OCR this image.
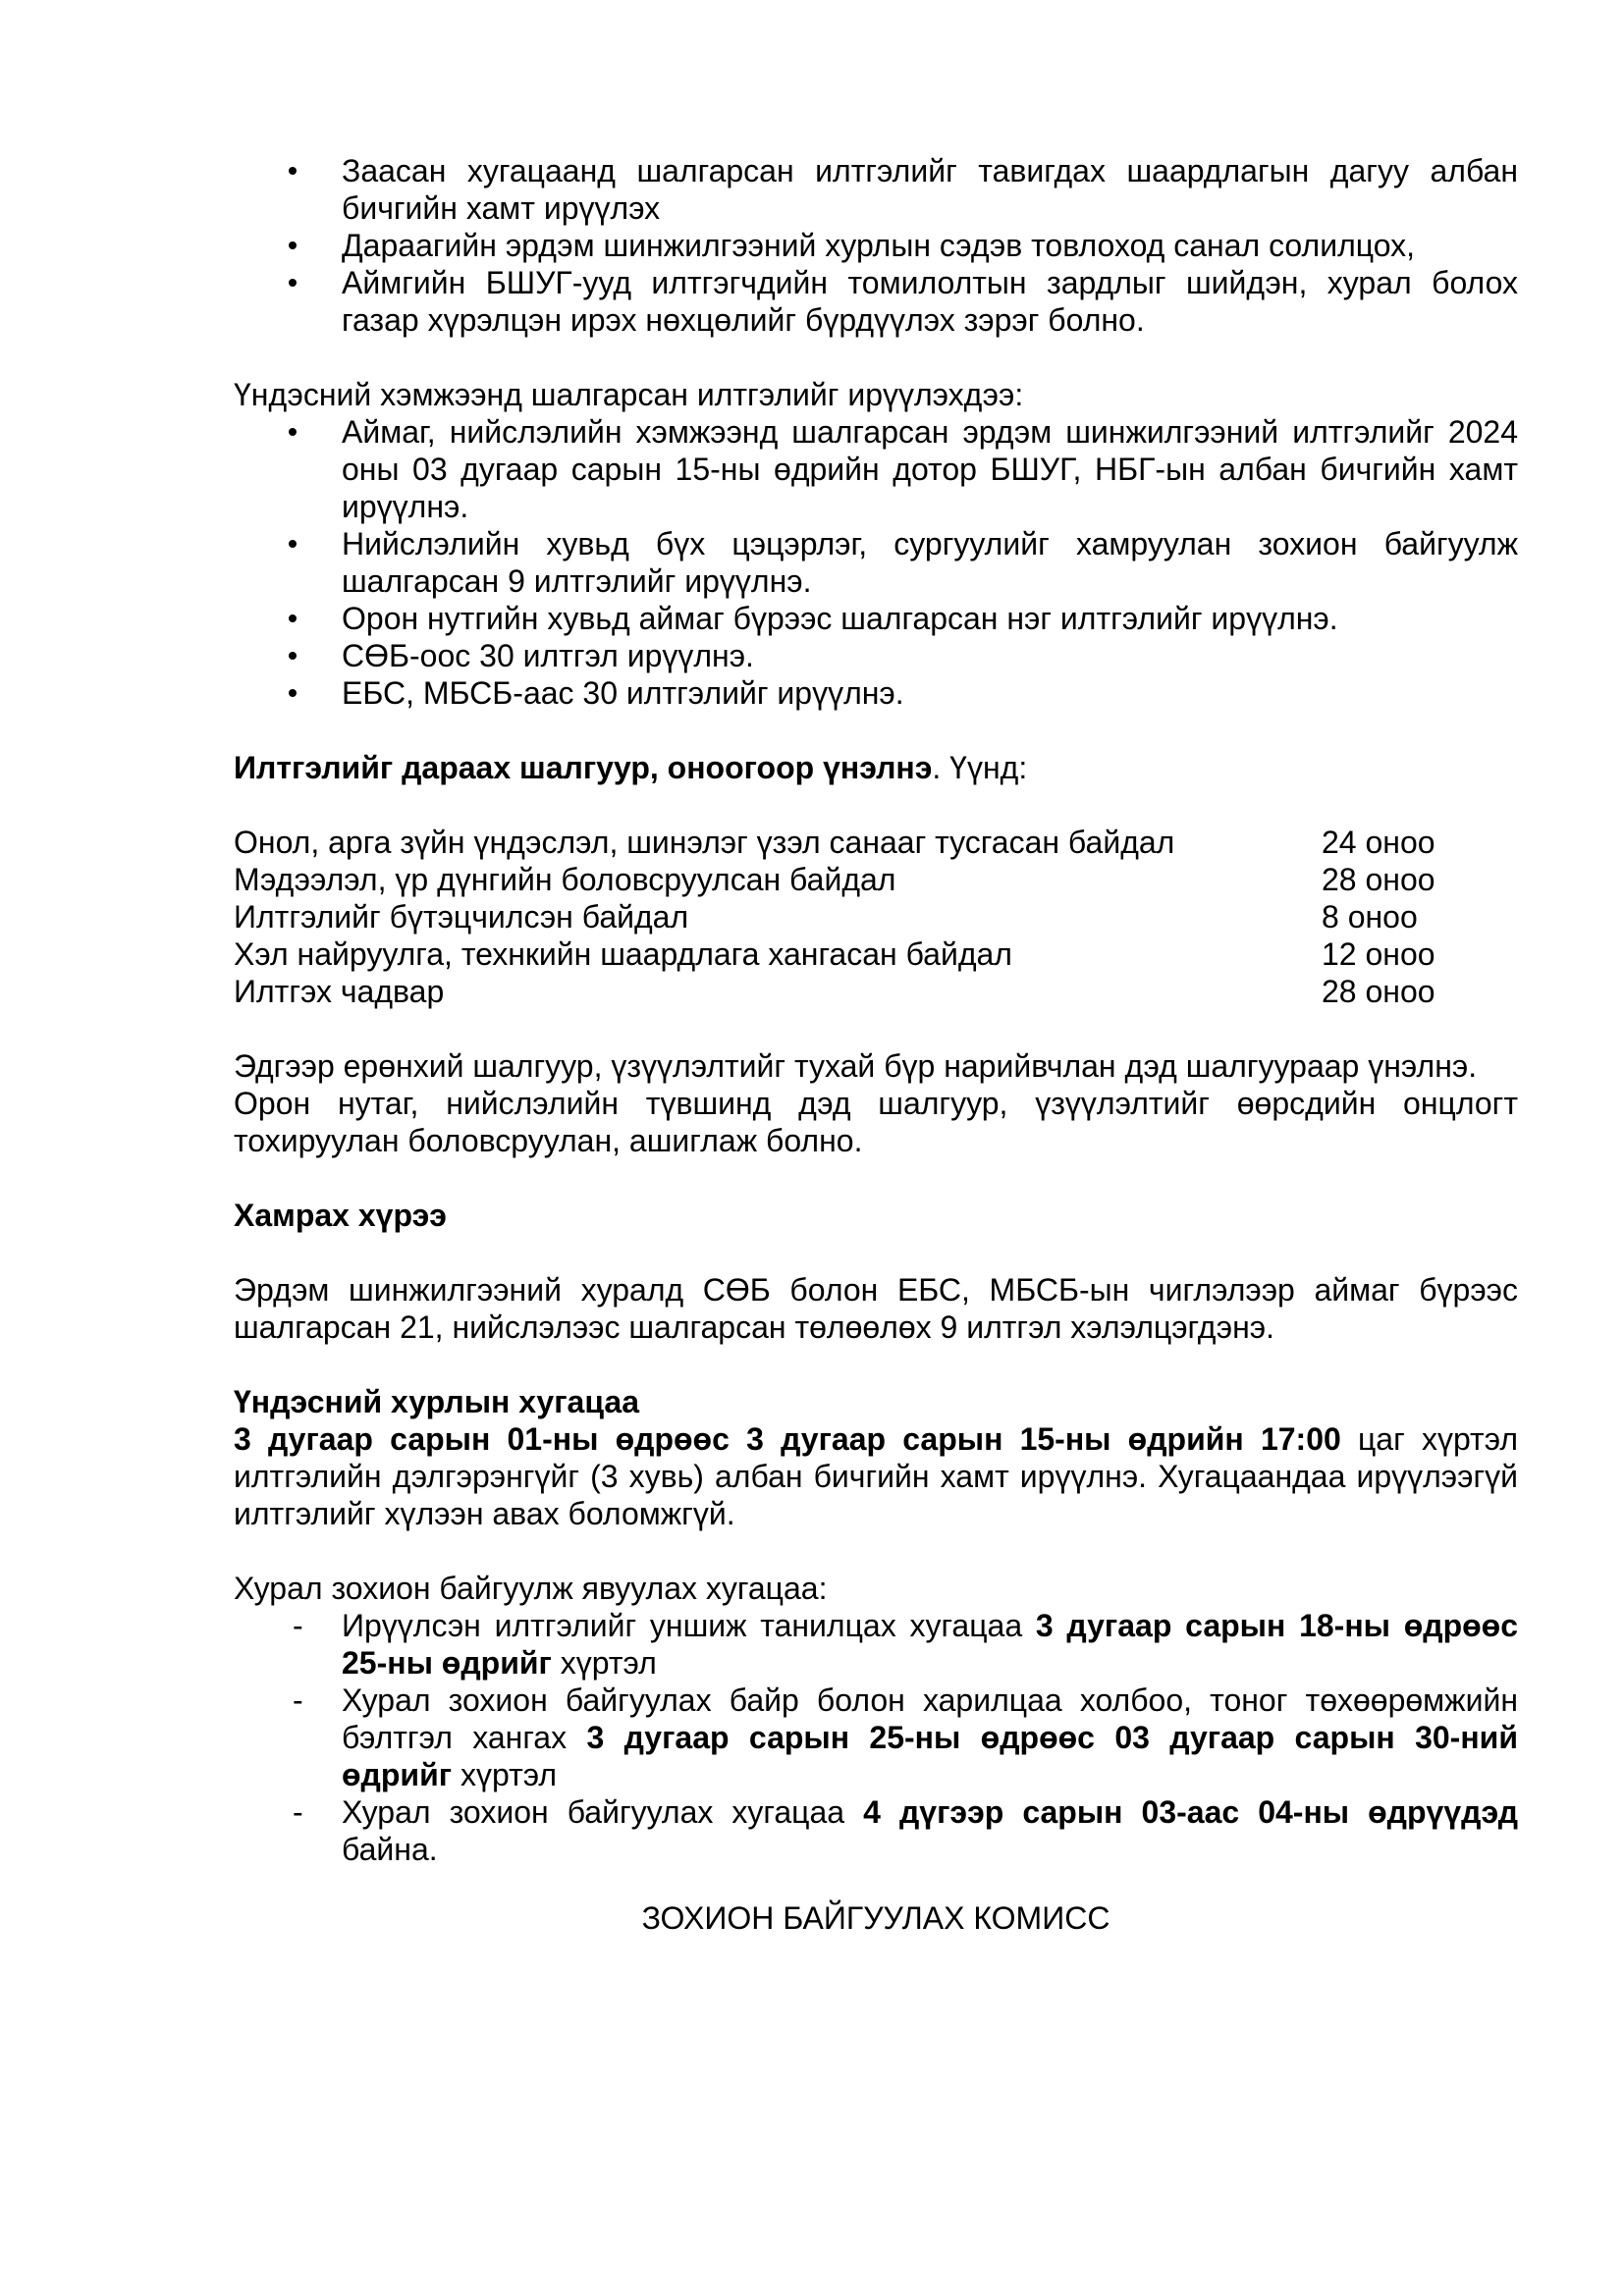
Заасан хугацаанд шалгарсан илтгэлийг тавигдах шаардлагын дагуу албан бичгийн хамт ирүүлэх
Дараагийн эрдэм шинжилгээний хурлын сэдэв товлоход санал солилцох,
Аймгийн БШУГ-ууд илтгэгчдийн томилолтын зардлыг шийдэн, хурал болох газар хүрэлцэн ирэх нөхцөлийг бүрдүүлэх зэрэг болно.

Үндэсний хэмжээнд шалгарсан илтгэлийг ирүүлэхдээ:

Аймаг, нийслэлийн хэмжээнд шалгарсан эрдэм шинжилгээний илтгэлийг 2024 оны 03 дугаар сарын 15-ны өдрийн дотор БШУГ, НБГ-ын албан бичгийн хамт ирүүлнэ.
Нийслэлийн хувьд бүх цэцэрлэг, сургуулийг хамруулан зохион байгуулж шалгарсан 9 илтгэлийг ирүүлнэ.
Орон нутгийн хувьд аймаг бүрээс шалгарсан нэг илтгэлийг ирүүлнэ.
СӨБ-оос 30 илтгэл ирүүлнэ.
ЕБС, МБСБ-аас 30 илтгэлийг ирүүлнэ.

Илтгэлийг дараах шалгуур, оноогоор үнэлнэ. Үүнд:

Онол, арга зүйн үндэслэл, шинэлэг үзэл санааг тусгасан байдал	24 оноо
Мэдээлэл, үр дүнгийн боловсруулсан байдал	28 оноо
Илтгэлийг бүтэцчилсэн байдал	8 оноо
Хэл найруулга, технкийн шаардлага хангасан байдал	12 оноо
Илтгэх чадвар	28 оноо

Эдгээр ерөнхий шалгуур, үзүүлэлтийг тухай бүр нарийвчлан дэд шалгуураар үнэлнэ.

Орон нутаг, нийслэлийн түвшинд дэд шалгуур, үзүүлэлтийг өөрсдийн онцлогт тохируулан боловсруулан, ашиглаж болно.

Хамрах хүрээ

Эрдэм шинжилгээний хуралд СӨБ болон ЕБС, МБСБ-ын чиглэлээр аймаг бүрээс шалгарсан 21, нийслэлээс шалгарсан төлөөлөх 9 илтгэл хэлэлцэгдэнэ.

Үндэсний хурлын хугацаа

3 дугаар сарын 01-ны өдрөөс 3 дугаар сарын 15-ны өдрийн 17:00 цаг хүртэл илтгэлийн дэлгэрэнгүйг (3 хувь) албан бичгийн хамт ирүүлнэ. Хугацаандаа ирүүлээгүй илтгэлийг хүлээн авах боломжгүй.

Хурал зохион байгуулж явуулах хугацаа:

- Ирүүлсэн илтгэлийг уншиж танилцах хугацаа 3 дугаар сарын 18-ны өдрөөс 25-ны өдрийг хүртэл
- Хурал зохион байгуулах байр болон харилцаа холбоо, тоног төхөөрөмжийн бэлтгэл хангах 3 дугаар сарын 25-ны өдрөөс 03 дугаар сарын 30-ний өдрийг хүртэл
- Хурал зохион байгуулах хугацаа 4 дүгээр сарын 03-аас 04-ны өдрүүдэд байна.

ЗОХИОН БАЙГУУЛАХ КОМИСС
